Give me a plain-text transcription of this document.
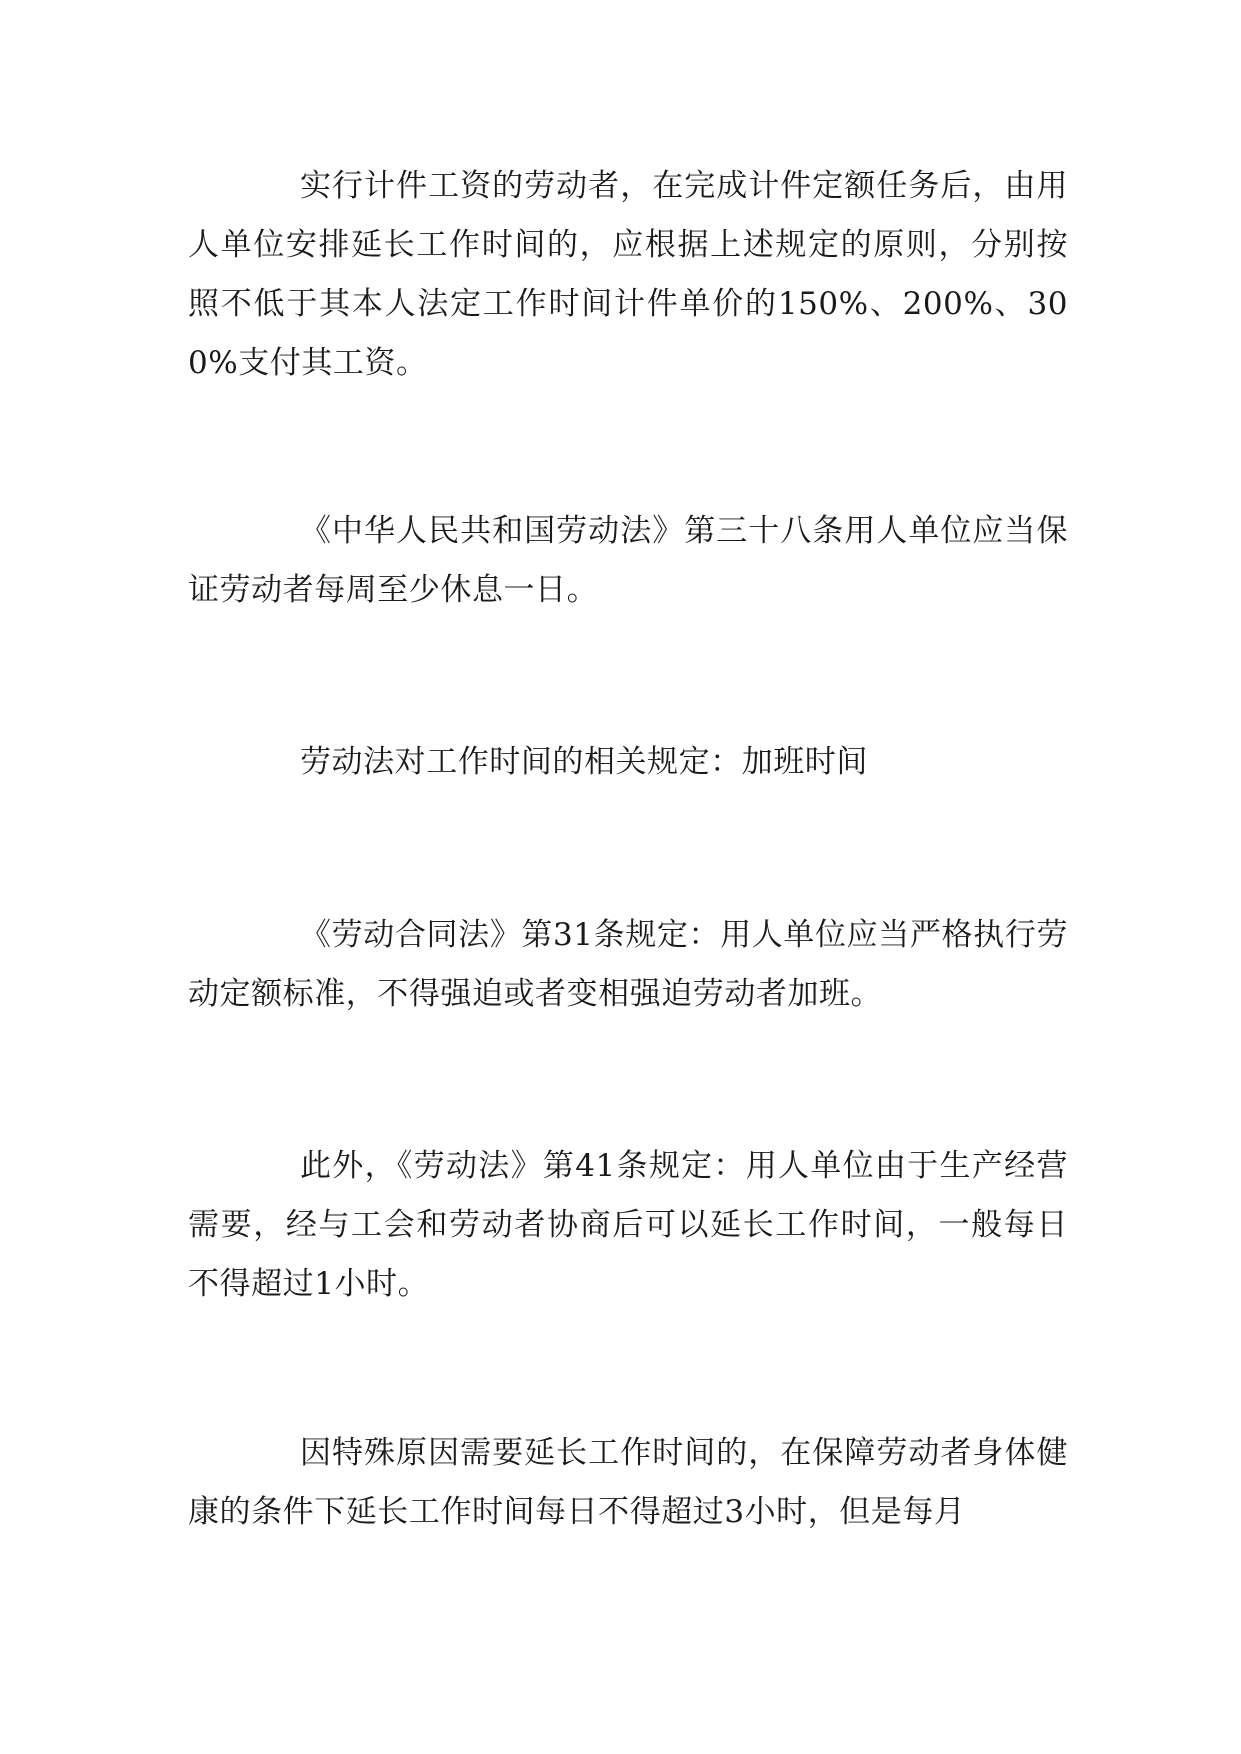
实行计件工资的劳动者，在完成计件定额任务后，由用人单位安排延长工作时间的，应根据上述规定的原则，分别按照不低于其本人法定工作时间计件单价的150%、200%、300%支付其工资。

《中华人民共和国劳动法》第三十八条用人单位应当保证劳动者每周至少休息一日。

劳动法对工作时间的相关规定：加班时间

《劳动合同法》第31条规定：用人单位应当严格执行劳动定额标准，不得强迫或者变相强迫劳动者加班。

此外，《劳动法》第41条规定：用人单位由于生产经营需要，经与工会和劳动者协商后可以延长工作时间，一般每日不得超过1小时。

因特殊原因需要延长工作时间的，在保障劳动者身体健康的条件下延长工作时间每日不得超过3小时，但是每月
